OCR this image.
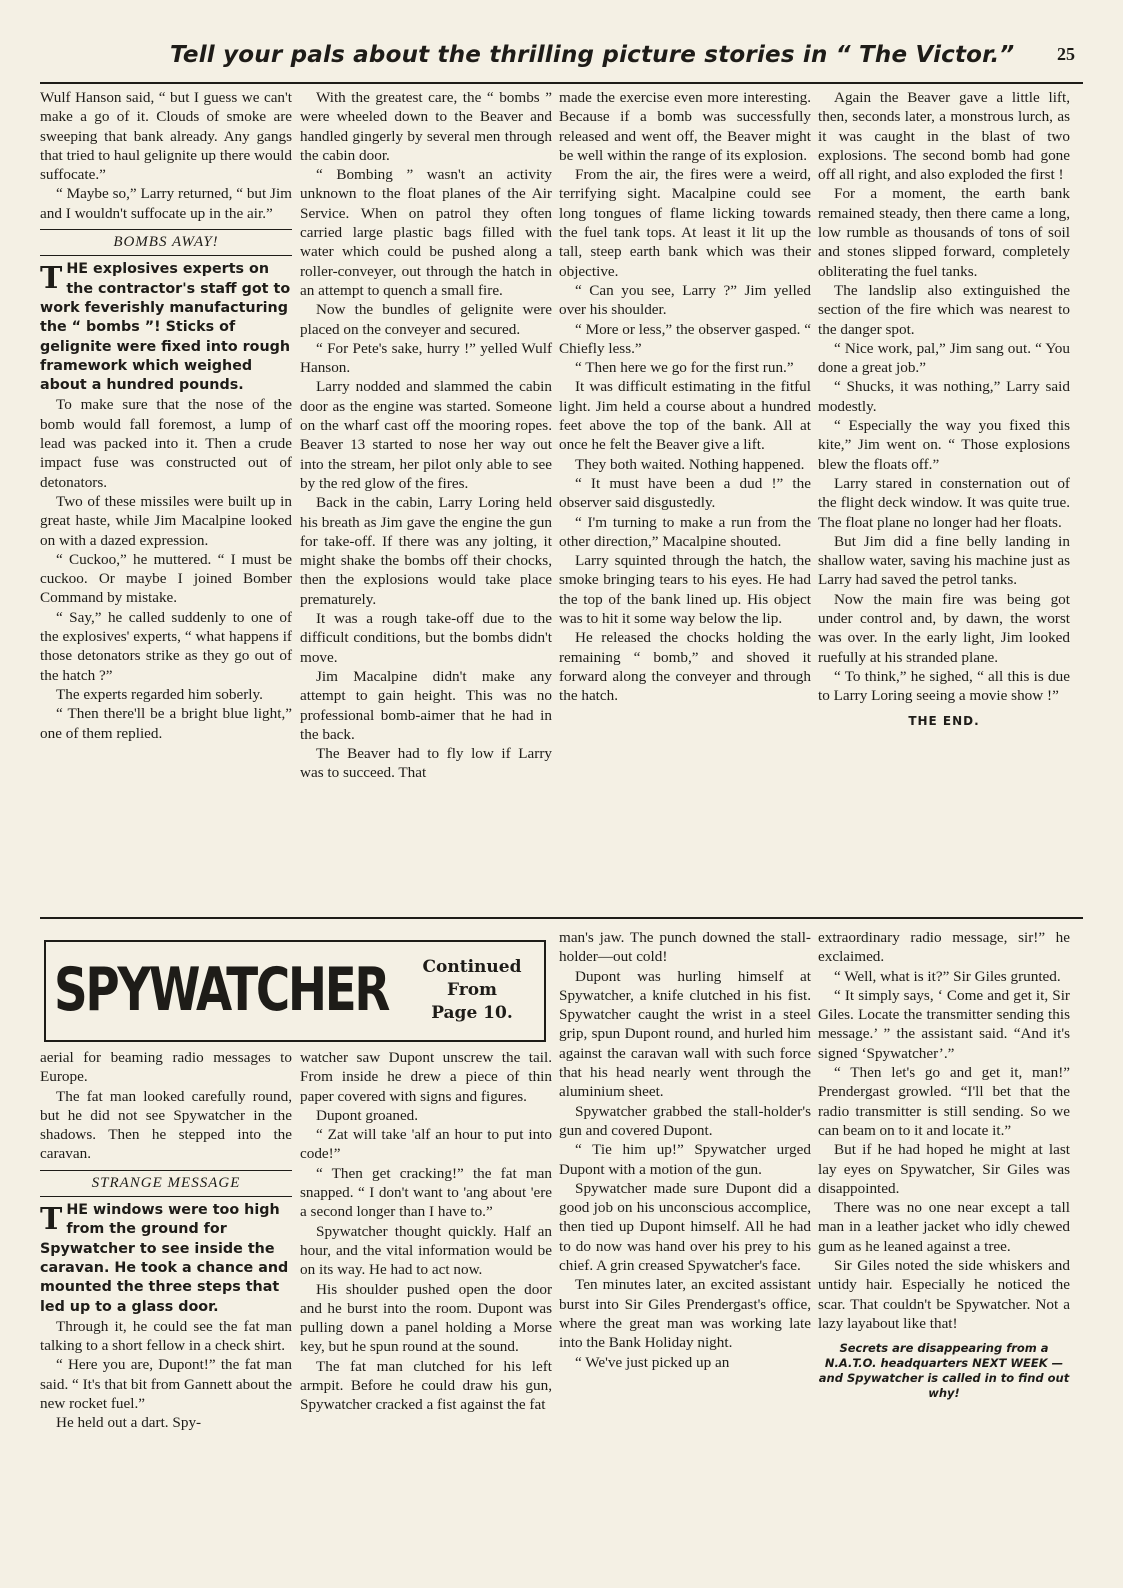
Tell your pals about the thrilling picture stories in “ The Victor.” 25

Wulf Hanson said, “ but I guess we can't make a go of it. Clouds of smoke are sweeping that bank already. Any gangs that tried to haul gelignite up there would suffocate.”

“ Maybe so,” Larry returned, “ but Jim and I wouldn't suffocate up in the air.”

BOMBS AWAY!

THE explosives experts on the contractor's staff got to work feverishly manufacturing the “ bombs ”! Sticks of gelignite were fixed into rough framework which weighed about a hundred pounds.

To make sure that the nose of the bomb would fall foremost, a lump of lead was packed into it. Then a crude impact fuse was constructed out of detonators.

Two of these missiles were built up in great haste, while Jim Macalpine looked on with a dazed expression.

“ Cuckoo,” he muttered. “ I must be cuckoo. Or maybe I joined Bomber Command by mistake.

“ Say,” he called suddenly to one of the explosives' experts, “ what happens if those detonators strike as they go out of the hatch ?”

The experts regarded him soberly.

“ Then there'll be a bright blue light,” one of them replied.

With the greatest care, the “ bombs ” were wheeled down to the Beaver and handled gingerly by several men through the cabin door.

“ Bombing ” wasn't an activity unknown to the float planes of the Air Service. When on patrol they often carried large plastic bags filled with water which could be pushed along a roller-conveyer, out through the hatch in an attempt to quench a small fire.

Now the bundles of gelignite were placed on the conveyer and secured.

“ For Pete's sake, hurry !” yelled Wulf Hanson.

Larry nodded and slammed the cabin door as the engine was started. Someone on the wharf cast off the mooring ropes. Beaver 13 started to nose her way out into the stream, her pilot only able to see by the red glow of the fires.

Back in the cabin, Larry Loring held his breath as Jim gave the engine the gun for take-off. If there was any jolting, it might shake the bombs off their chocks, then the explosions would take place prematurely.

It was a rough take-off due to the difficult conditions, but the bombs didn't move.

Jim Macalpine didn't make any attempt to gain height. This was no professional bomb-aimer that he had in the back.

The Beaver had to fly low if Larry was to succeed. That

made the exercise even more interesting. Because if a bomb was successfully released and went off, the Beaver might be well within the range of its explosion.

From the air, the fires were a weird, terrifying sight. Macalpine could see long tongues of flame licking towards the fuel tank tops. At least it lit up the tall, steep earth bank which was their objective.

“ Can you see, Larry ?” Jim yelled over his shoulder.

“ More or less,” the observer gasped. “ Chiefly less.”

“ Then here we go for the first run.”

It was difficult estimating in the fitful light. Jim held a course about a hundred feet above the top of the bank. All at once he felt the Beaver give a lift.

They both waited. Nothing happened.

“ It must have been a dud !” the observer said disgustedly.

“ I'm turning to make a run from the other direction,” Macalpine shouted.

Larry squinted through the hatch, the smoke bringing tears to his eyes. He had the top of the bank lined up. His object was to hit it some way below the lip.

He released the chocks holding the remaining “ bomb,” and shoved it forward along the conveyer and through the hatch.

Again the Beaver gave a little lift, then, seconds later, a monstrous lurch, as it was caught in the blast of two explosions. The second bomb had gone off all right, and also exploded the first !

For a moment, the earth bank remained steady, then there came a long, low rumble as thousands of tons of soil and stones slipped forward, completely obliterating the fuel tanks.

The landslip also extinguished the section of the fire which was nearest to the danger spot.

“ Nice work, pal,” Jim sang out. “ You done a great job.”

“ Shucks, it was nothing,” Larry said modestly.

“ Especially the way you fixed this kite,” Jim went on. “ Those explosions blew the floats off.”

Larry stared in consternation out of the flight deck window. It was quite true. The float plane no longer had her floats.

But Jim did a fine belly landing in shallow water, saving his machine just as Larry had saved the petrol tanks.

Now the main fire was being got under control and, by dawn, the worst was over. In the early light, Jim looked ruefully at his stranded plane.

“ To think,” he sighed, “ all this is due to Larry Loring seeing a movie show !”

THE END.
SPYWATCHER	Continued
From
Page 10.

aerial for beaming radio messages to Europe.

The fat man looked carefully round, but he did not see Spywatcher in the shadows. Then he stepped into the caravan.

STRANGE MESSAGE

THE windows were too high from the ground for Spywatcher to see inside the caravan. He took a chance and mounted the three steps that led up to a glass door.

Through it, he could see the fat man talking to a short fellow in a check shirt.

“ Here you are, Dupont!” the fat man said. “ It's that bit from Gannett about the new rocket fuel.”

He held out a dart. Spy-

watcher saw Dupont unscrew the tail. From inside he drew a piece of thin paper covered with signs and figures.

Dupont groaned.

“ Zat will take 'alf an hour to put into code!”

“ Then get cracking!” the fat man snapped. “ I don't want to 'ang about 'ere a second longer than I have to.”

Spywatcher thought quickly. Half an hour, and the vital information would be on its way. He had to act now.

His shoulder pushed open the door and he burst into the room. Dupont was pulling down a panel holding a Morse key, but he spun round at the sound.

The fat man clutched for his left armpit. Before he could draw his gun, Spywatcher cracked a fist against the fat

man's jaw. The punch downed the stall-holder—out cold!

Dupont was hurling himself at Spywatcher, a knife clutched in his fist. Spywatcher caught the wrist in a steel grip, spun Dupont round, and hurled him against the caravan wall with such force that his head nearly went through the aluminium sheet.

Spywatcher grabbed the stall-holder's gun and covered Dupont.

“ Tie him up!” Spywatcher urged Dupont with a motion of the gun.

Spywatcher made sure Dupont did a good job on his unconscious accomplice, then tied up Dupont himself. All he had to do now was hand over his prey to his chief. A grin creased Spywatcher's face.

Ten minutes later, an excited assistant burst into Sir Giles Prendergast's office, where the great man was working late into the Bank Holiday night.

“ We've just picked up an

extraordinary radio message, sir!” he exclaimed.

“ Well, what is it?” Sir Giles grunted.

“ It simply says, ‘ Come and get it, Sir Giles. Locate the transmitter sending this message.’ ” the assistant said. “And it's signed ‘Spywatcher’.”

“ Then let's go and get it, man!” Prendergast growled. “I'll bet that the radio transmitter is still sending. So we can beam on to it and locate it.”

But if he had hoped he might at last lay eyes on Spywatcher, Sir Giles was disappointed.

There was no one near except a tall man in a leather jacket who idly chewed gum as he leaned against a tree.

Sir Giles noted the side whiskers and untidy hair. Especially he noticed the scar. That couldn't be Spywatcher. Not a lazy layabout like that!

Secrets are disappearing from a N.A.T.O. headquarters NEXT WEEK — and Spywatcher is called in to find out why!
